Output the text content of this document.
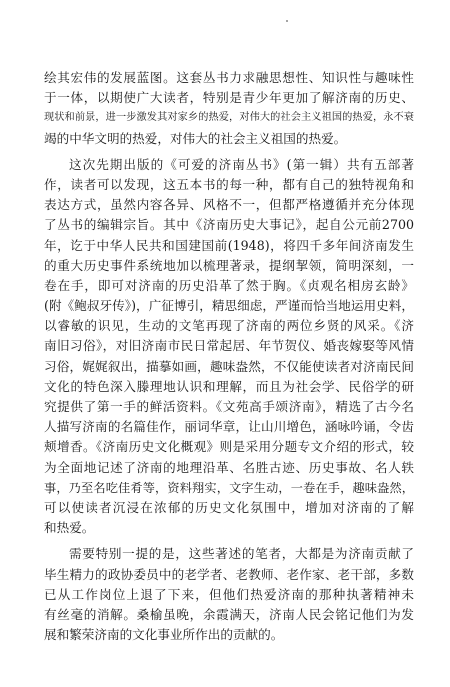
绘其宏伟的发展蓝图。这套丛书力求融思想性、知识性与趣味性
于一体，以期使广大读者，特别是青少年更加了解济南的历史、
现状和前景，进一步激发其对家乡的热爱，对伟大的社会主义祖国的热爱，永不衰
竭的中华文明的热爱，对伟大的社会主义祖国的热爱。
这次先期出版的《可爱的济南丛书》(第一辑）共有五部著
作，读者可以发现，这五本书的每一种，都有自己的独特视角和
表达方式，虽然内容各异、风格不一，但都严格遵循并充分体现
了丛书的编辑宗旨。其中《济南历史大事记》，起自公元前2700
年，讫于中华人民共和国建国前(1948)，将四千多年间济南发生
的重大历史事件系统地加以梳理著录，提纲挈领，简明深刻，一
卷在手，即可对济南的历史沿革了然于胸。《贞观名相房玄龄》
(附《鲍叔牙传》)，广征博引，精思细虑，严谨而恰当地运用史料，
以睿敏的识见，生动的文笔再现了济南的两位乡贤的风采。《济
南旧习俗》，对旧济南市民日常起居、年节贺仪、婚丧嫁娶等风情
习俗，娓娓叙出，描摹如画，趣味盎然，不仅能使读者对济南民间
文化的特色深入滕理地认识和理解，而且为社会学、民俗学的研
究提供了第一手的鲜活资料。《文苑高手颂济南》，精选了古今名
人描写济南的名篇佳作，丽词华章，让山川增色，涵咏吟诵，令齿
颊增香。《济南历史文化概观》则是采用分题专文介绍的形式，较
为全面地记述了济南的地理沿革、名胜古迹、历史事故、名人轶
事，乃至名吃佳肴等，资料翔实，文字生动，一卷在手，趣味盎然，
可以使读者沉浸在浓郁的历史文化氛围中，增加对济南的了解
和热爱。
需要特别一提的是，这些著述的笔者，大都是为济南贡献了
毕生精力的政协委员中的老学者、老教师、老作家、老干部，多数
已从工作岗位上退了下来，但他们热爱济南的那种执著精神未
有丝毫的消解。桑榆虽晚，余霞满天，济南人民会铭记他们为发
展和繁荣济南的文化事业所作出的贡献的。
